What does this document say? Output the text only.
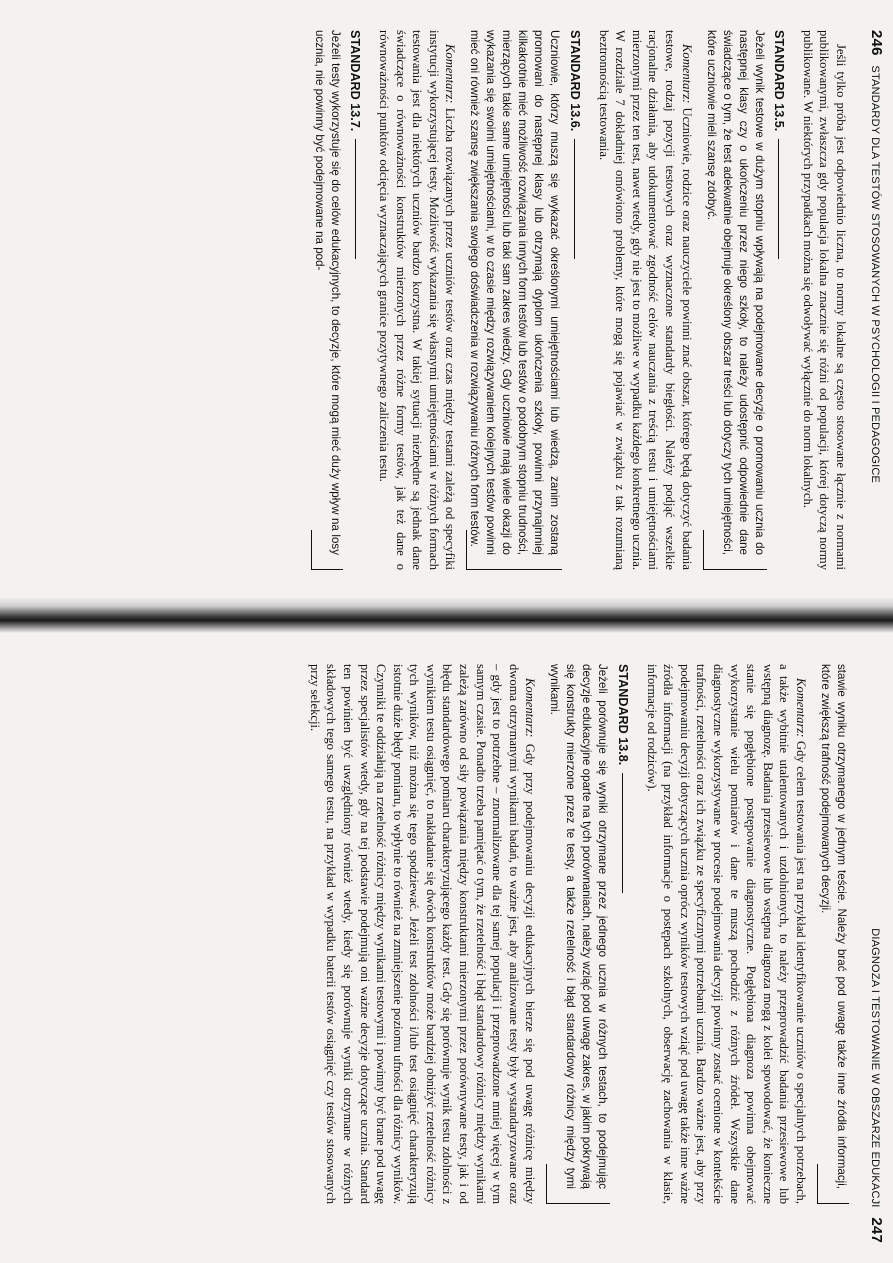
246   STANDARDY DLA TESTÓW STOSOWANYCH W PSYCHOLOGII I PEDAGOGICE

Jeśli tylko próba jest odpowiednio liczna, to normy lokalne są często stosowane łącznie z normami publikowanymi, zwłaszcza gdy populacja lokalna znacznie się różni od populacji, której dotyczą normy publikowane. W niektórych przypadkach można się odwoływać wyłącznie do norm lokalnych.

STANDARD 13.5.
Jeżeli wynik testowe w dużym stopniu wpływają na podejmowane decyzje o promowaniu ucznia do następnej klasy czy o ukończeniu przez niego szkoły, to należy udostępnić odpowiednie dane świadczące o tym, że test adekwatnie obejmuje określony obszar treści lub dotyczy tych umiejętności, które uczniowie mieli szansę zdobyć.

Komentarz: Uczniowie, rodzice oraz nauczyciele powinni znać obszar, którego będą dotyczyć badania testowe, rodzaj pozycji testowych oraz wyznaczone standardy biegłości. Należy podjąć wszelkie racjonalne działania, aby udokumentować zgodność celów nauczania z treścią testu i umiejętnościami mierzonymi przez ten test, nawet wtedy, gdy nie jest to możliwe w wypadku każdego konkretnego ucznia. W rozdziale 7 dokładniej omówiono problemy, które mogą się pojawiać w związku z tak rozumianą beztronnością testowania.

STANDARD 13.6.
Uczniowie, którzy muszą się wykazać określonymi umiejętnościami lub wiedzą, zanim zostaną promowani do następnej klasy lub otrzymają dyplom ukończenia szkoły, powinni przynajmniej kilkakrotnie mieć możliwość rozwiązania innych form testów lub testów o podobnym stopniu trudności, mierzących takie same umiejętności lub taki sam zakres wiedzy. Gdy uczniowie mają wiele okazji do wykazania się swoimi umiejętnościami, w to czasie między rozwiązywaniem kolejnych testów powinni mieć oni również szansę zwiększania swojego doświadczenia w rozwiązywaniu różnych form testów.

Komentarz: Liczba rozwiązanych przez uczniów testów oraz czas między testami zależą od specyfiki instytucji wykorzystującej testy. Możliwość wykazania się własnymi umiejętnościami w różnych formach testowania jest dla niektórych uczniów bardzo korzystna. W takiej sytuacji niezbędne są jednak dane świadczące o równoważności konstruktów mierzonych przez różne formy testów, jak też dane o równoważności punktów odcięcia wyznaczających granice pozytywnego zaliczenia testu.

STANDARD 13.7.
Jeżeli testy wykorzystuje się do celów edukacyjnych, to decyzje, które mogą mieć duży wpływ na losy ucznia, nie powinny być podejmowane na pod-
DIAGNOZA I TESTOWANIE W OBSZARZE EDUKACJI   247
stawie wyniku otrzymanego w jednym teście. Należy brać pod uwagę także inne źródła informacji, które zwiększą trafność podejmowanych decyzji.

Komentarz: Gdy celem testowania jest na przykład identyfikowanie uczniów o specjalnych potrzebach, a także wybitnie utalentowanych i uzdolnionych, to należy przeprowadzić badania przesiewowe lub wstępną diagnozę. Badania przesiewowe lub wstępna diagnoza mogą z kolei spowodować, że konieczne stanie się pogłębione postępowanie diagnostyczne. Pogłębiona diagnoza powinna obejmować wykorzystanie wielu pomiarów i dane te muszą pochodzić z różnych źródeł. Wszystkie dane diagnostyczne wykorzystywane w procesie podejmowania decyzji powinny zostać ocenione w kontekście trafności, rzetelności oraz ich związku ze specyficznymi potrzebami ucznia. Bardzo ważne jest, aby przy podejmowaniu decyzji dotyczących ucznia oprócz wyników testowych wziąć pod uwagę także inne ważne źródła informacji (na przykład informacje o postępach szkolnych, obserwację zachowania w klasie, informacje od rodziców).

STANDARD 13.8.
Jeżeli porównuje się wyniki otrzymane przez jednego ucznia w różnych testach, to podejmując decyzje edukacyjne oparte na tych porównaniach, należy wziąć pod uwagę zakres, w jakim pokrywają się konstrukty mierzone przez te testy, a także rzetelność i błąd standardowy różnicy między tymi wynikami.

Komentarz: Gdy przy podejmowaniu decyzji edukacyjnych bierze się pod uwagę różnicę między dwoma otrzymanymi wynikami badań, to ważne jest, aby analizowane testy były wystandaryzowane oraz – gdy jest to potrzebne – znormalizowane dla tej samej populacji i przeprowadzone mniej więcej w tym samym czasie. Ponadto trzeba pamiętać o tym, że rzetelność i błąd standardowy różnicy między wynikami zależą zarówno od siły powiązania między konstruktami mierzonymi przez porównywane testy, jak i od błędu standardowego pomiaru charakteryzującego każdy test. Gdy się porównuje wynik testu zdolności z wynikiem testu osiągnięć, to nakładanie się dwóch konstruktów może bardziej obniżyć rzetelność różnicy tych wyników, niż można się tego spodziewać. Jeżeli test zdolności i/lub test osiągnięć charakteryzują istotnie duże błędy pomiaru, to wpłynie to również na zmniejszenie poziomu ufności dla różnicy wyników. Czynniki te oddziałują na rzetelność różnicy między wynikami testowymi i powinny być brane pod uwagę przez specjalistów wtedy, gdy na tej podstawie podejmują oni ważne decyzje dotyczące ucznia. Standard ten powinien być uwzględniony również wtedy, kiedy się porównuje wyniki otrzymane w różnych składowych tego samego testu, na przykład w wypadku baterii testów osiągnięć czy testów stosowanych przy selekcji.
